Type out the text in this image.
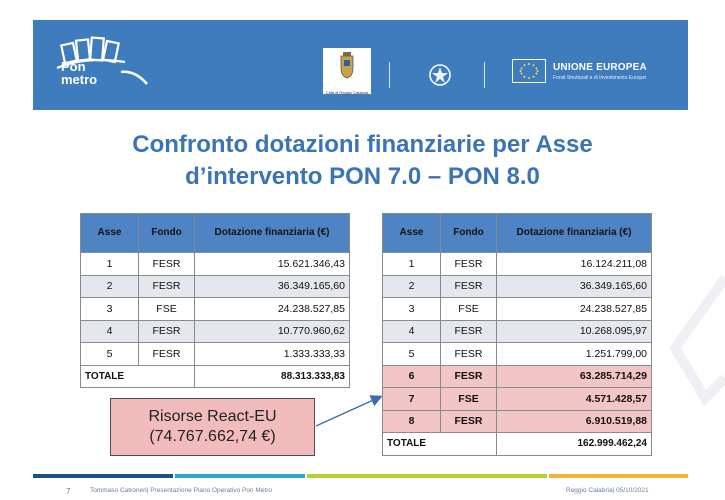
Pon
metro
Città di Reggio Calabria
UNIONE EUROPEA
Fondi Strutturali e di Investimento Europei
Confronto dotazioni finanziarie per Asse
d’intervento PON 7.0 – PON 8.0
Asse	Fondo	Dotazione finanziaria (€)
1	FESR	15.621.346,43
2	FESR	36.349.165,60
3	FSE	24.238.527,85
4	FESR	10.770.960,62
5	FESR	1.333.333,33
TOTALE		88.313.333,83
Asse	Fondo	Dotazione finanziaria (€)
1	FESR	16.124.211,08
2	FESR	36.349.165,60
3	FSE	24.238.527,85
4	FESR	10.268.095,97
5	FESR	1.251.799,00
6	FESR	63.285.714,29
7	FSE	4.571.428,57
8	FESR	6.910.519,88
TOTALE		162.999.462,24
Risorse React-EU
(74.767.662,74 €)
7	Tommaso Catroneri| Presentazione Piano Operativo Pon Metro	Reggio Calabria| 05/10/2021
